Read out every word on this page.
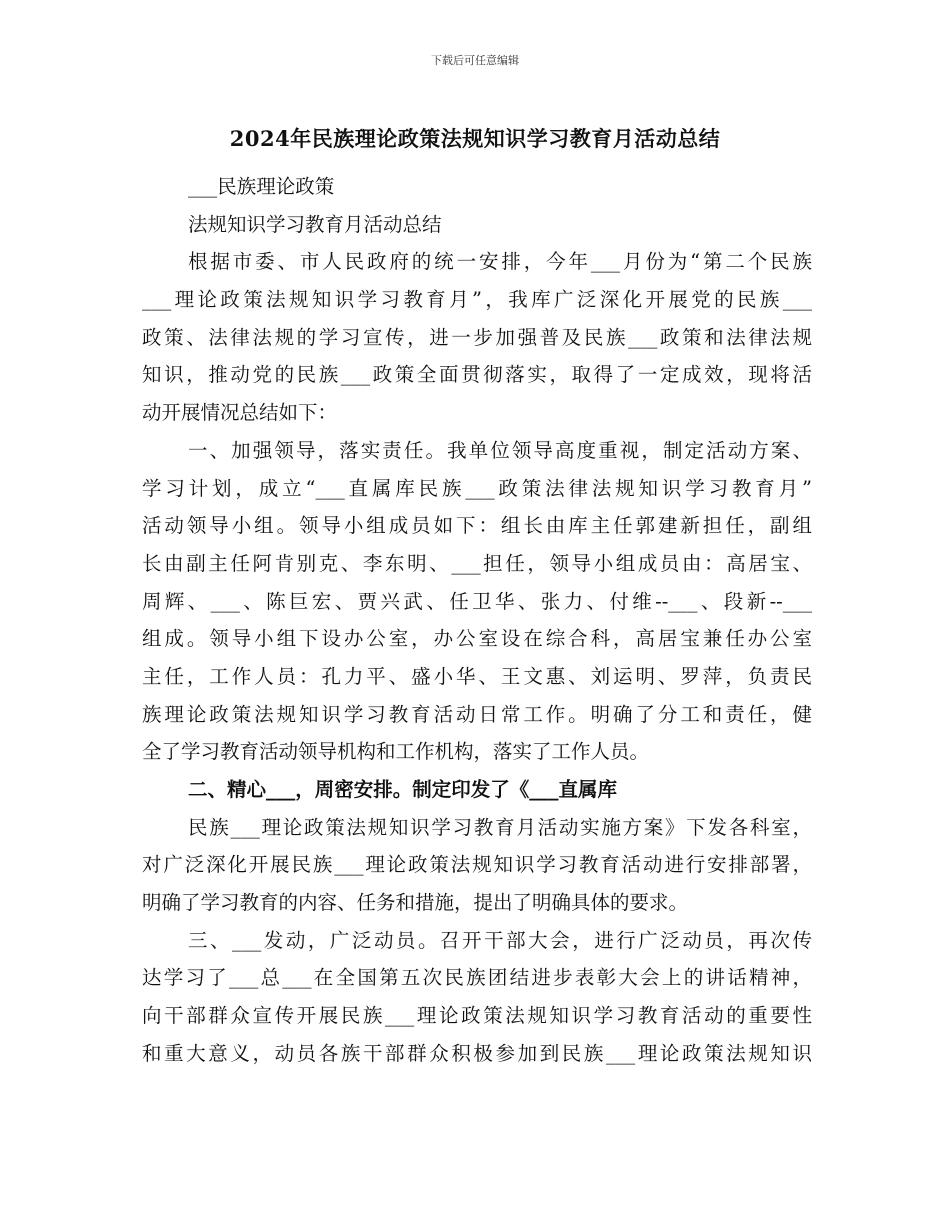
下载后可任意编辑
2024年民族理论政策法规知识学习教育月活动总结
___民族理论政策
法规知识学习教育月活动总结
根据市委、市人民政府的统一安排，今年___月份为“第二个民族
___理论政策法规知识学习教育月”，我库广泛深化开展党的民族___
政策、法律法规的学习宣传，进一步加强普及民族___政策和法律法规
知识，推动党的民族___政策全面贯彻落实，取得了一定成效，现将活
动开展情况总结如下：
一、加强领导，落实责任。我单位领导高度重视，制定活动方案、
学习计划，成立“___直属库民族___政策法律法规知识学习教育月”
活动领导小组。领导小组成员如下：组长由库主任郭建新担任，副组
长由副主任阿肯别克、李东明、___担任，领导小组成员由：高居宝、
周辉、___、陈巨宏、贾兴武、任卫华、张力、付维--___、段新--___
组成。领导小组下设办公室，办公室设在综合科，高居宝兼任办公室
主任，工作人员：孔力平、盛小华、王文惠、刘运明、罗萍，负责民
族理论政策法规知识学习教育活动日常工作。明确了分工和责任，健
全了学习教育活动领导机构和工作机构，落实了工作人员。
二、精心___，周密安排。制定印发了《___直属库
民族___理论政策法规知识学习教育月活动实施方案》下发各科室，
对广泛深化开展民族___理论政策法规知识学习教育活动进行安排部署，
明确了学习教育的内容、任务和措施，提出了明确具体的要求。
三、___发动，广泛动员。召开干部大会，进行广泛动员，再次传
达学习了___总___在全国第五次民族团结进步表彰大会上的讲话精神，
向干部群众宣传开展民族___理论政策法规知识学习教育活动的重要性
和重大意义，动员各族干部群众积极参加到民族___理论政策法规知识
